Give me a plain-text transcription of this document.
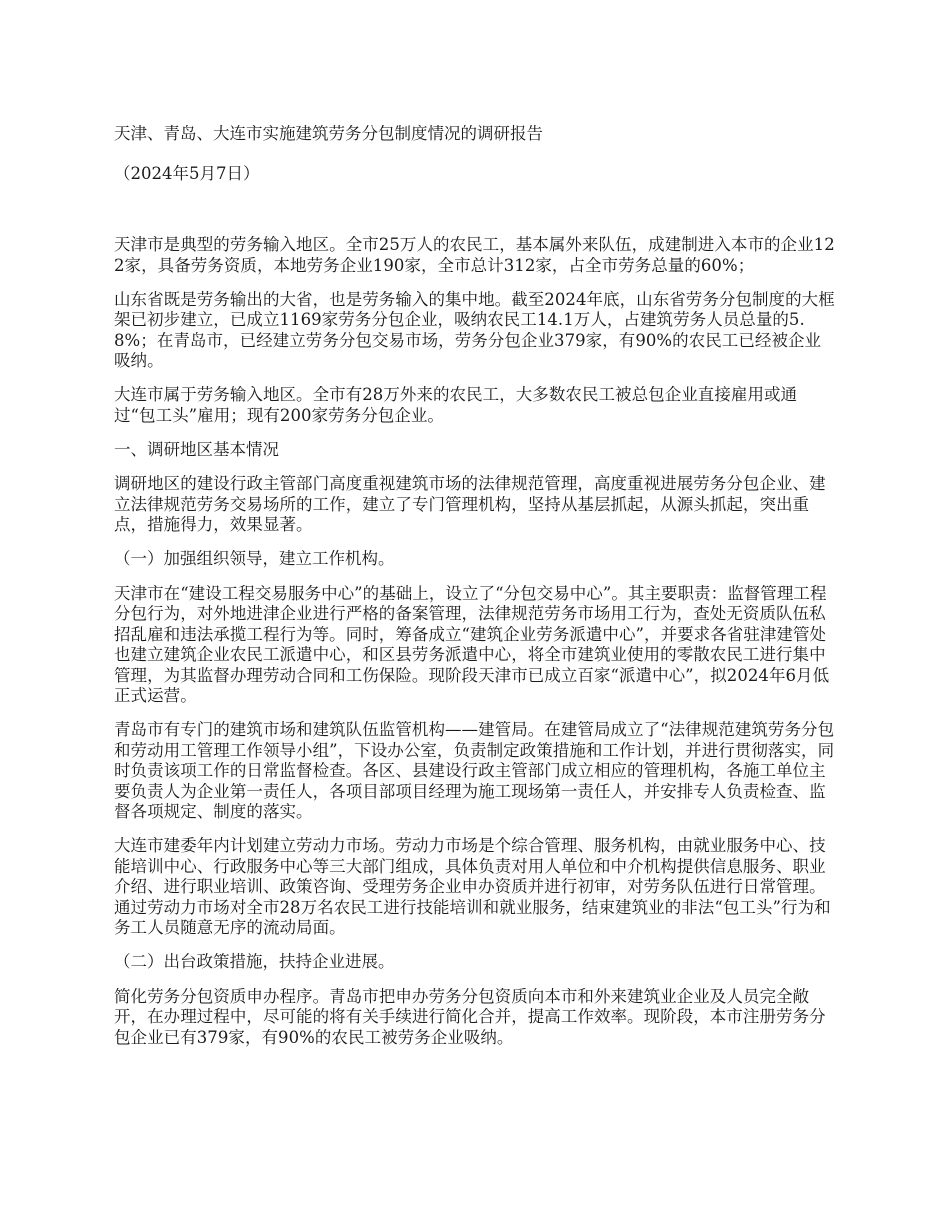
天津、青岛、大连市实施建筑劳务分包制度情况的调研报告
（2024年5月7日）

天津市是典型的劳务输入地区。全市25万人的农民工，基本属外来队伍，成建制进入本市的企业122家，具备劳务资质，本地劳务企业190家，全市总计312家，占全市劳务总量的60%；

山东省既是劳务输出的大省，也是劳务输入的集中地。截至2024年底，山东省劳务分包制度的大框架已初步建立，已成立1169家劳务分包企业，吸纳农民工14.1万人，占建筑劳务人员总量的5.8%；在青岛市，已经建立劳务分包交易市场，劳务分包企业379家，有90%的农民工已经被企业吸纳。

大连市属于劳务输入地区。全市有28万外来的农民工，大多数农民工被总包企业直接雇用或通过“包工头”雇用；现有200家劳务分包企业。

一、调研地区基本情况

调研地区的建设行政主管部门高度重视建筑市场的法律规范管理，高度重视进展劳务分包企业、建立法律规范劳务交易场所的工作，建立了专门管理机构，坚持从基层抓起，从源头抓起，突出重点，措施得力，效果显著。

（一）加强组织领导，建立工作机构。

天津市在“建设工程交易服务中心”的基础上，设立了“分包交易中心”。其主要职责：监督管理工程分包行为，对外地进津企业进行严格的备案管理，法律规范劳务市场用工行为，查处无资质队伍私招乱雇和违法承揽工程行为等。同时，筹备成立“建筑企业劳务派遣中心”，并要求各省驻津建管处也建立建筑企业农民工派遣中心，和区县劳务派遣中心，将全市建筑业使用的零散农民工进行集中管理，为其监督办理劳动合同和工伤保险。现阶段天津市已成立百家“派遣中心”，拟2024年6月低正式运营。

青岛市有专门的建筑市场和建筑队伍监管机构——建管局。在建管局成立了“法律规范建筑劳务分包和劳动用工管理工作领导小组”，下设办公室，负责制定政策措施和工作计划，并进行贯彻落实，同时负责该项工作的日常监督检查。各区、县建设行政主管部门成立相应的管理机构，各施工单位主要负责人为企业第一责任人，各项目部项目经理为施工现场第一责任人，并安排专人负责检查、监督各项规定、制度的落实。

大连市建委年内计划建立劳动力市场。劳动力市场是个综合管理、服务机构，由就业服务中心、技能培训中心、行政服务中心等三大部门组成，具体负责对用人单位和中介机构提供信息服务、职业介绍、进行职业培训、政策咨询、受理劳务企业申办资质并进行初审，对劳务队伍进行日常管理。通过劳动力市场对全市28万名农民工进行技能培训和就业服务，结束建筑业的非法“包工头”行为和务工人员随意无序的流动局面。

（二）出台政策措施，扶持企业进展。

简化劳务分包资质申办程序。青岛市把申办劳务分包资质向本市和外来建筑业企业及人员完全敞开，在办理过程中，尽可能的将有关手续进行简化合并，提高工作效率。现阶段，本市注册劳务分包企业已有379家，有90%的农民工被劳务企业吸纳。
